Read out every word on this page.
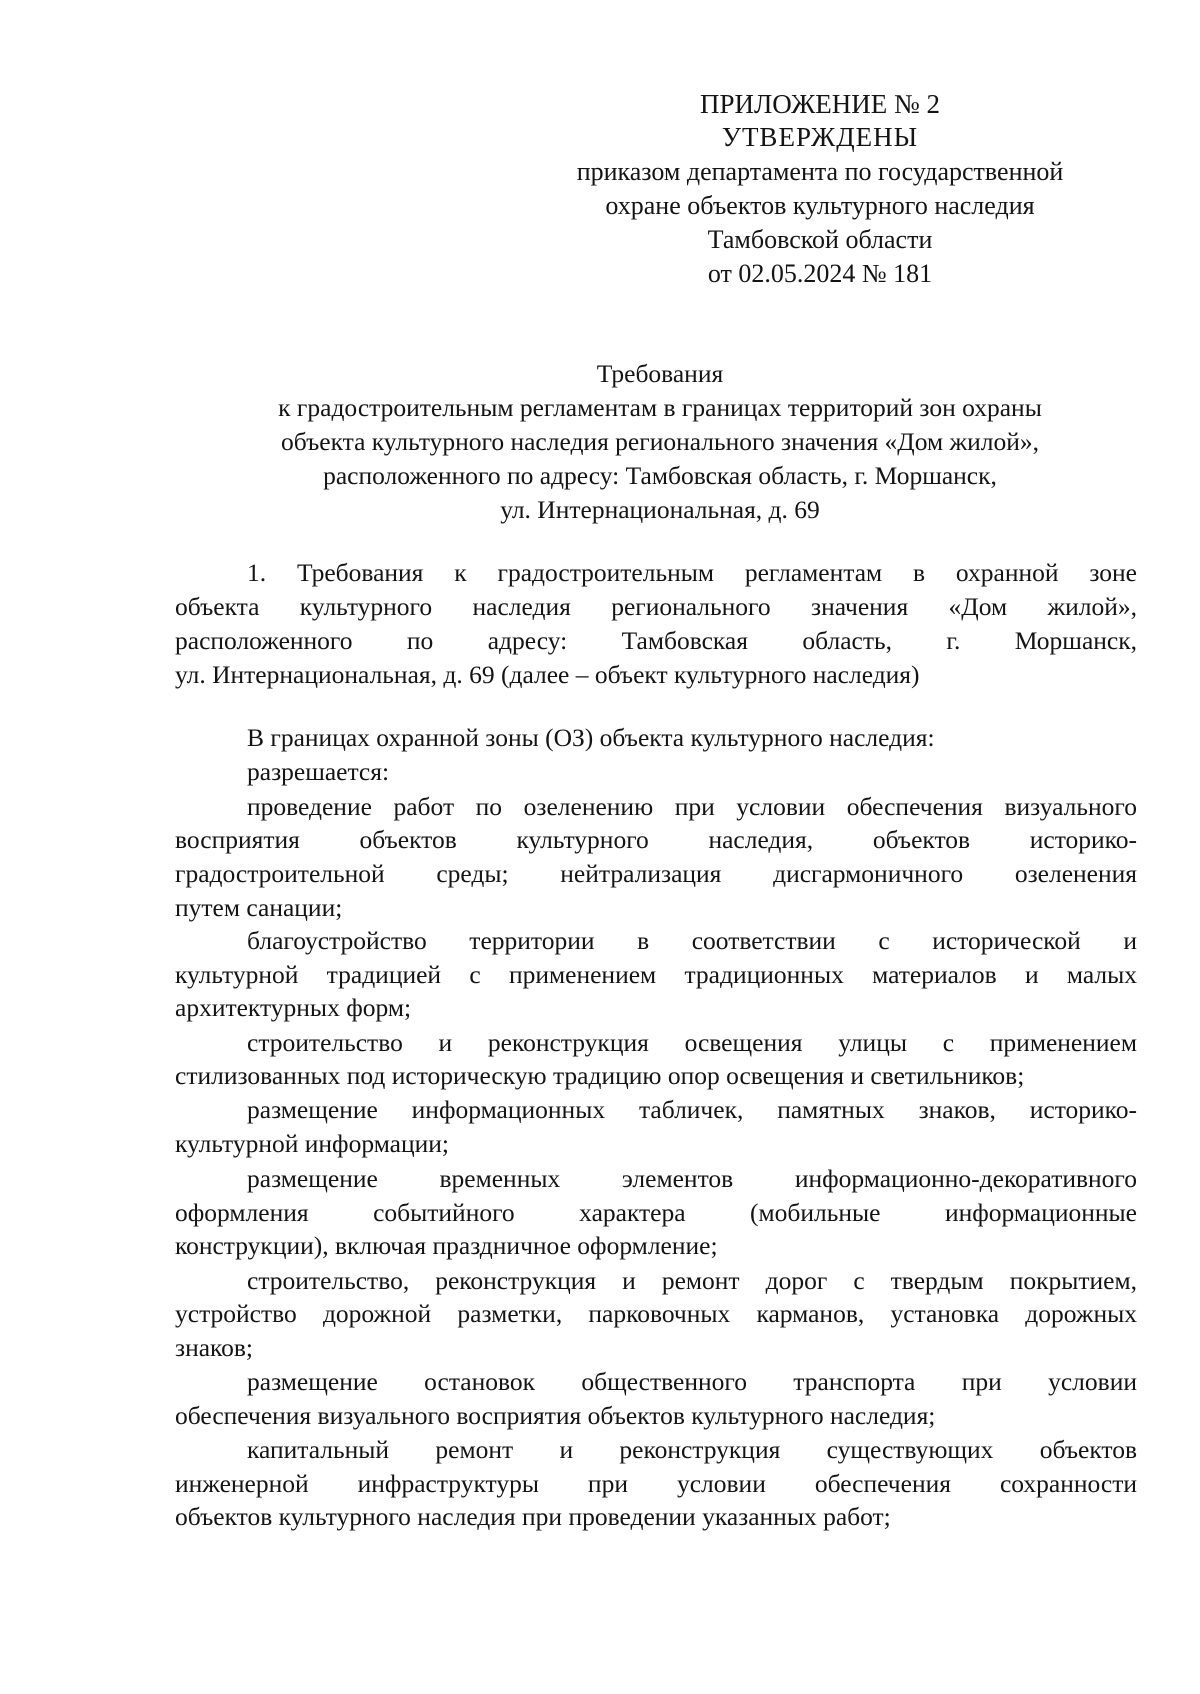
ПРИЛОЖЕНИЕ № 2
УТВЕРЖДЕНЫ
приказом департамента по государственной
охране объектов культурного наследия
Тамбовской области
от 02.05.2024 № 181
Требования
к градостроительным регламентам в границах территорий зон охраны
объекта культурного наследия регионального значения «Дом жилой»,
расположенного по адресу: Тамбовская область, г. Моршанск,
ул. Интернациональная, д. 69
1. Требования к градостроительным регламентам в охранной зоне
объекта культурного наследия регионального значения «Дом жилой»,
расположенного по адресу: Тамбовская область, г. Моршанск,
ул. Интернациональная, д. 69 (далее – объект культурного наследия)
В границах охранной зоны (ОЗ) объекта культурного наследия:
разрешается:
проведение работ по озеленению при условии обеспечения визуального
восприятия объектов культурного наследия, объектов историко-
градостроительной среды; нейтрализация дисгармоничного озеленения
путем санации;
благоустройство территории в соответствии с исторической и
культурной традицией с применением традиционных материалов и малых
архитектурных форм;
строительство и реконструкция освещения улицы с применением
стилизованных под историческую традицию опор освещения и светильников;
размещение информационных табличек, памятных знаков, историко-
культурной информации;
размещение временных элементов информационно-декоративного
оформления событийного характера (мобильные информационные
конструкции), включая праздничное оформление;
строительство, реконструкция и ремонт дорог с твердым покрытием,
устройство дорожной разметки, парковочных карманов, установка дорожных
знаков;
размещение остановок общественного транспорта при условии
обеспечения визуального восприятия объектов культурного наследия;
капитальный ремонт и реконструкция существующих объектов
инженерной инфраструктуры при условии обеспечения сохранности
объектов культурного наследия при проведении указанных работ;
